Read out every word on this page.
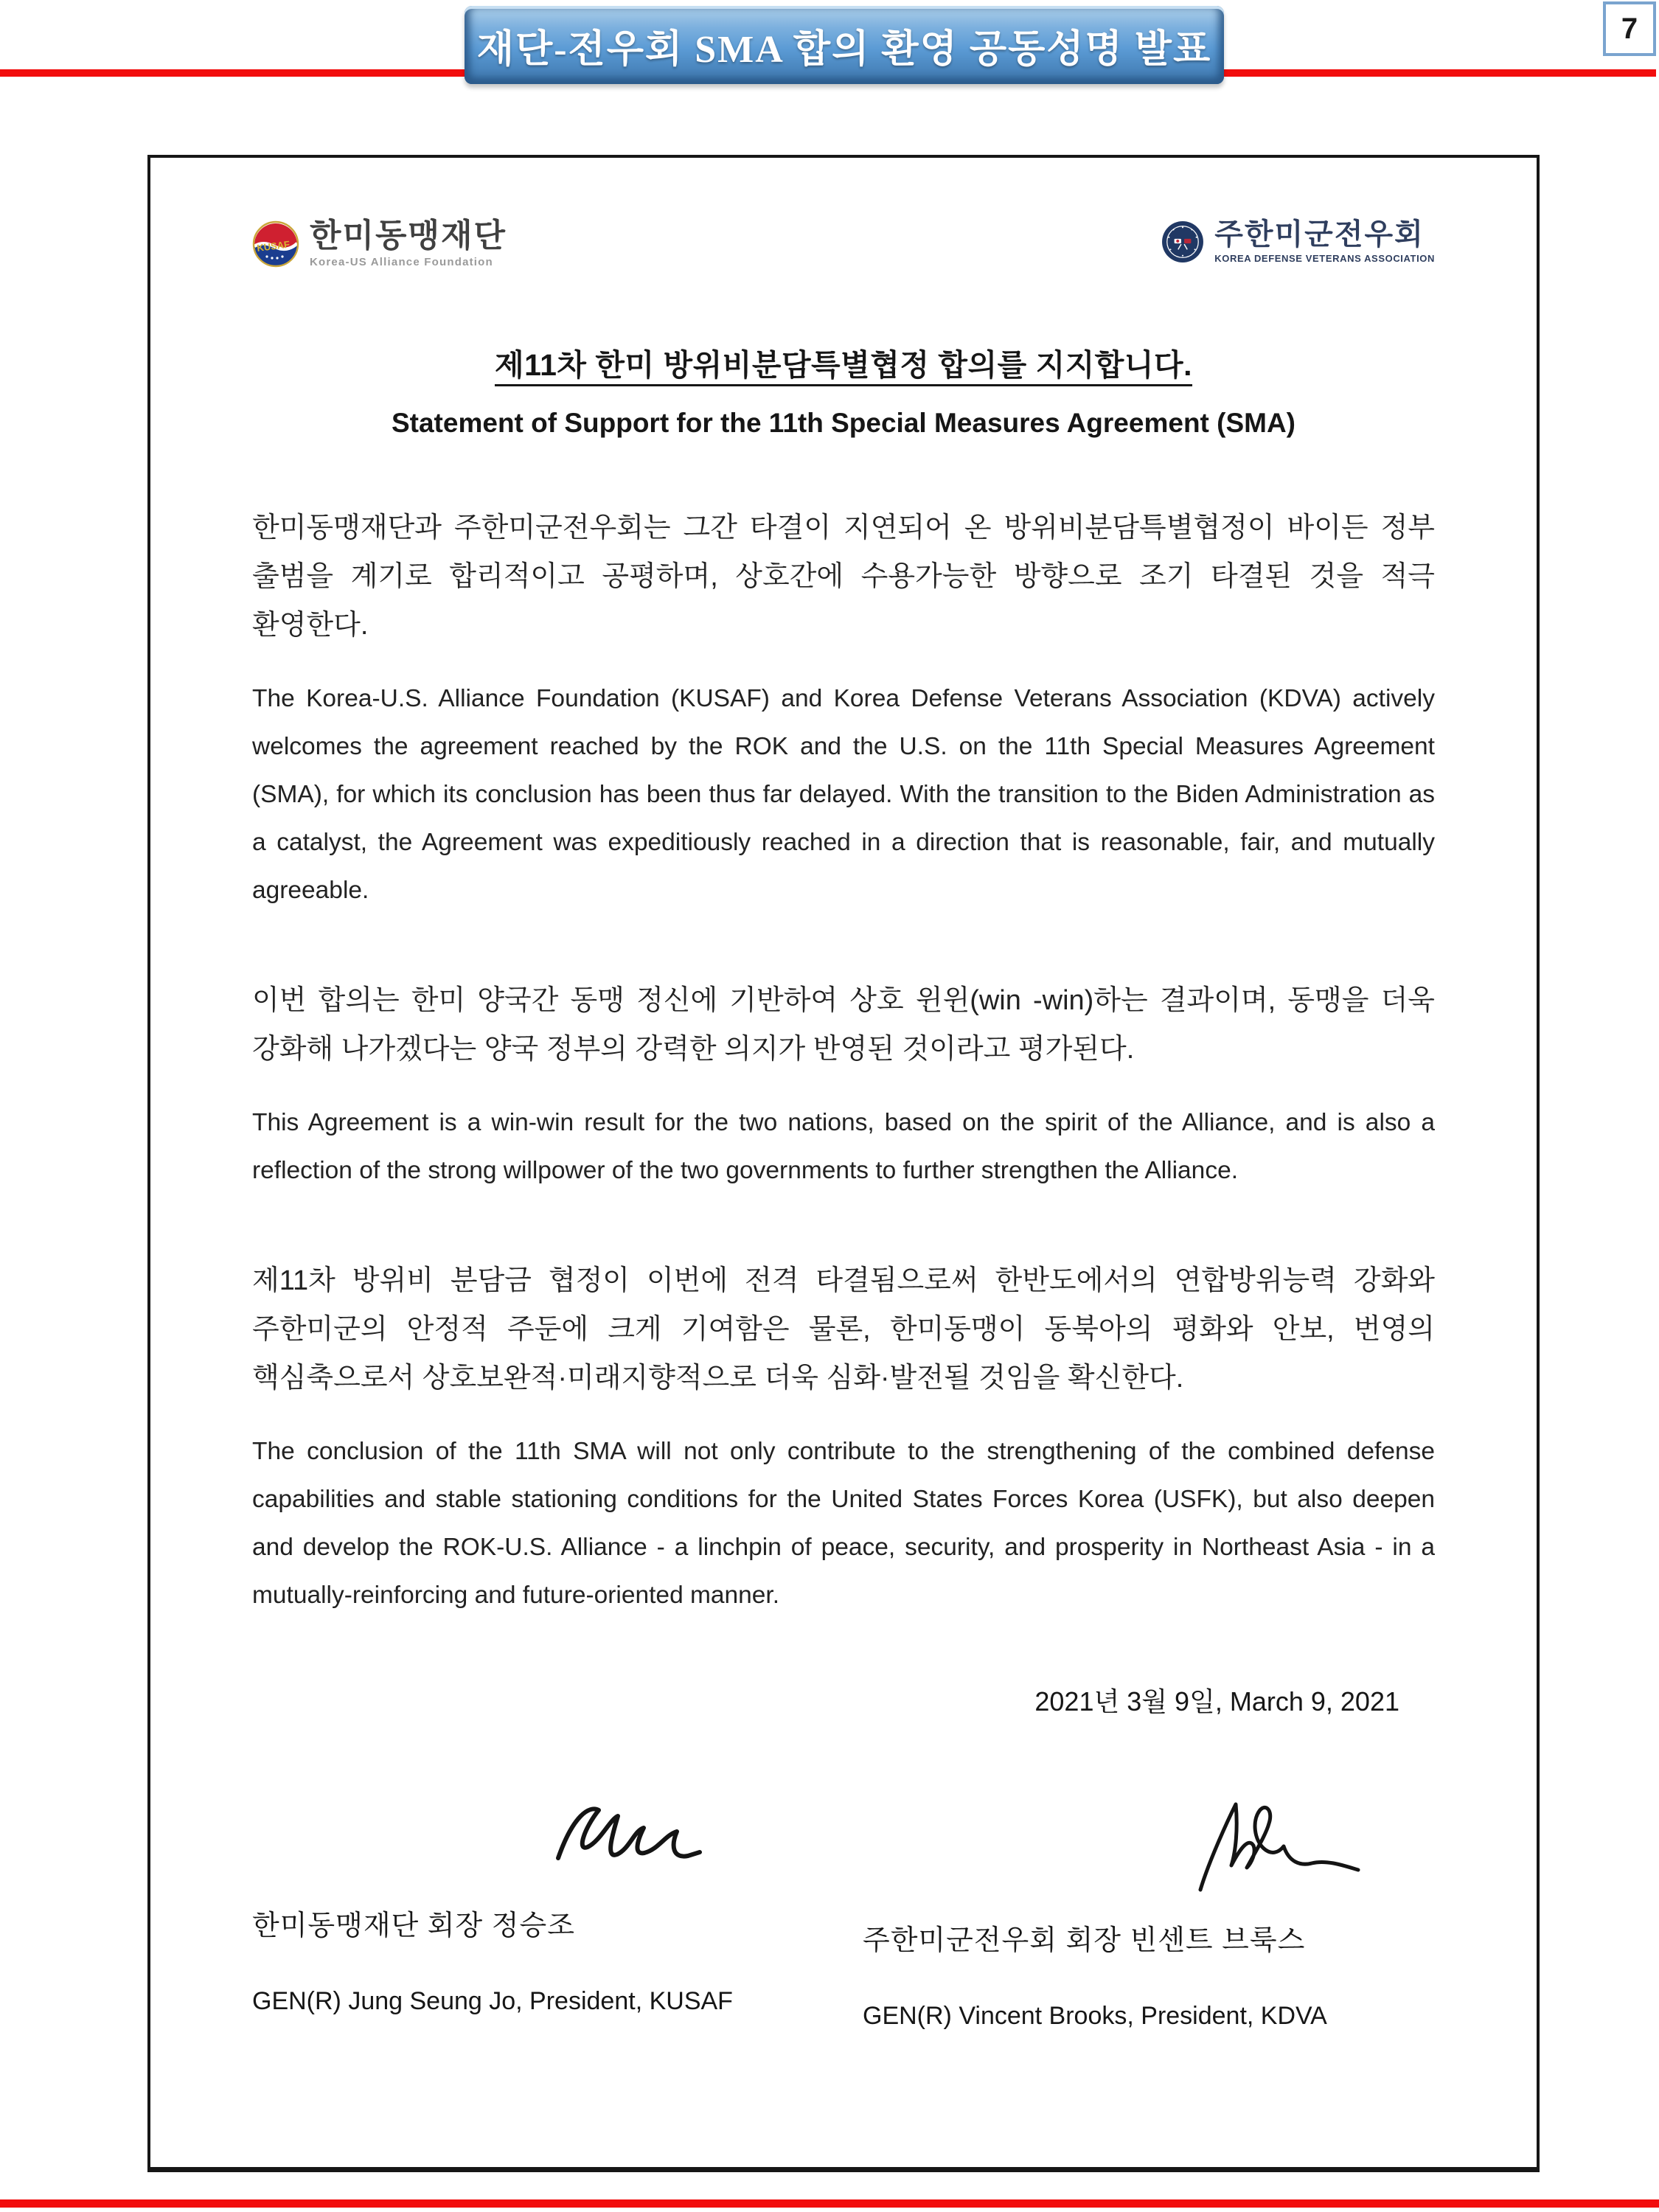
재단-전우회 SMA 합의 환영 공동성명 발표	7
KUSAF 한미동맹재단
Korea-US Alliance Foundation
주한미군전우회
KOREA DEFENSE VETERANS ASSOCIATION
제11차 한미 방위비분담특별협정 합의를 지지합니다.
Statement of Support for the 11th Special Measures Agreement (SMA)

한미동맹재단과 주한미군전우회는 그간 타결이 지연되어 온 방위비분담특별협정이 바이든 정부 출범을 계기로 합리적이고 공평하며, 상호간에 수용가능한 방향으로 조기 타결된 것을 적극 환영한다.

The Korea-U.S. Alliance Foundation (KUSAF) and Korea Defense Veterans Association (KDVA) actively welcomes the agreement reached by the ROK and the U.S. on the 11th Special Measures Agreement (SMA), for which its conclusion has been thus far delayed. With the transition to the Biden Administration as a catalyst, the Agreement was expeditiously reached in a direction that is reasonable, fair, and mutually agreeable.

이번 합의는 한미 양국간 동맹 정신에 기반하여 상호 윈윈(win -win)하는 결과이며, 동맹을 더욱 강화해 나가겠다는 양국 정부의 강력한 의지가 반영된 것이라고 평가된다.

This Agreement is a win-win result for the two nations, based on the spirit of the Alliance, and is also a reflection of the strong willpower of the two governments to further strengthen the Alliance.

제11차 방위비 분담금 협정이 이번에 전격 타결됨으로써 한반도에서의 연합방위능력 강화와 주한미군의 안정적 주둔에 크게 기여함은 물론, 한미동맹이 동북아의 평화와 안보, 번영의 핵심축으로서 상호보완적·미래지향적으로 더욱 심화·발전될 것임을 확신한다.

The conclusion of the 11th SMA will not only contribute to the strengthening of the combined defense capabilities and stable stationing conditions for the United States Forces Korea (USFK), but also deepen and develop the ROK-U.S. Alliance - a linchpin of peace, security, and prosperity in Northeast Asia - in a mutually-reinforcing and future-oriented manner.

2021년 3월 9일, March 9, 2021

한미동맹재단 회장 정승조
GEN(R) Jung Seung Jo, President, KUSAF
주한미군전우회 회장 빈센트 브룩스
GEN(R) Vincent Brooks, President, KDVA
